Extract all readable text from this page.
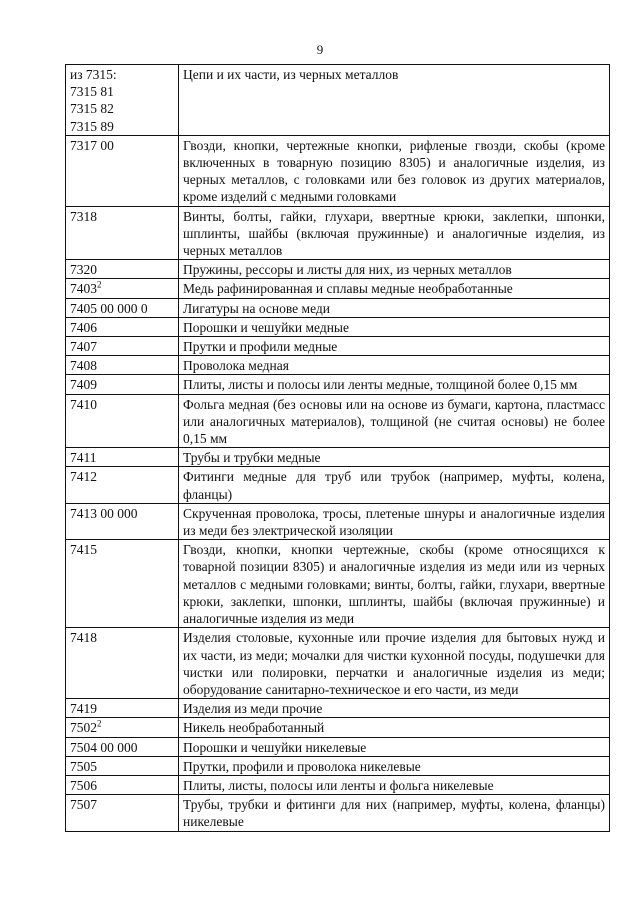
9
из 7315:
7315 81
7315 82
7315 89	Цепи и их части, из черных металлов

7317 00	Гвозди, кнопки, чертежные кнопки, рифленые гвозди, скобы (кроме включенных в товарную позицию 8305) и аналогичные изделия, из черных металлов, с головками или без головок из других материалов, кроме изделий с медными головками

7318	Винты, болты, гайки, глухари, ввертные крюки, заклепки, шпонки, шплинты, шайбы (включая пружинные) и аналогичные изделия, из черных металлов

7320	Пружины, рессоры и листы для них, из черных металлов

7403$^2$	Медь рафинированная и сплавы медные необработанные

7405 00 000 0	Лигатуры на основе меди

7406	Порошки и чешуйки медные

7407	Прутки и профили медные

7408	Проволока медная

7409	Плиты, листы и полосы или ленты медные, толщиной более 0,15 мм

7410	Фольга медная (без основы или на основе из бумаги, картона, пластмасс или аналогичных материалов), толщиной (не считая основы) не более 0,15 мм

7411	Трубы и трубки медные

7412	Фитинги медные для труб или трубок (например, муфты, колена, фланцы)

7413 00 000	Скрученная проволока, тросы, плетеные шнуры и аналогичные изделия из меди без электрической изоляции

7415	Гвозди, кнопки, кнопки чертежные, скобы (кроме относящихся к товарной позиции 8305) и аналогичные изделия из меди или из черных металлов с медными головками; винты, болты, гайки, глухари, ввертные крюки, заклепки, шпонки, шплинты, шайбы (включая пружинные) и аналогичные изделия из меди

7418	Изделия столовые, кухонные или прочие изделия для бытовых нужд и их части, из меди; мочалки для чистки кухонной посуды, подушечки для чистки или полировки, перчатки и аналогичные изделия из меди; оборудование санитарно-техническое и его части, из меди

7419	Изделия из меди прочие

7502$^2$	Никель необработанный

7504 00 000	Порошки и чешуйки никелевые

7505	Прутки, профили и проволока никелевые

7506	Плиты, листы, полосы или ленты и фольга никелевые

7507	Трубы, трубки и фитинги для них (например, муфты, колена, фланцы) никелевые
